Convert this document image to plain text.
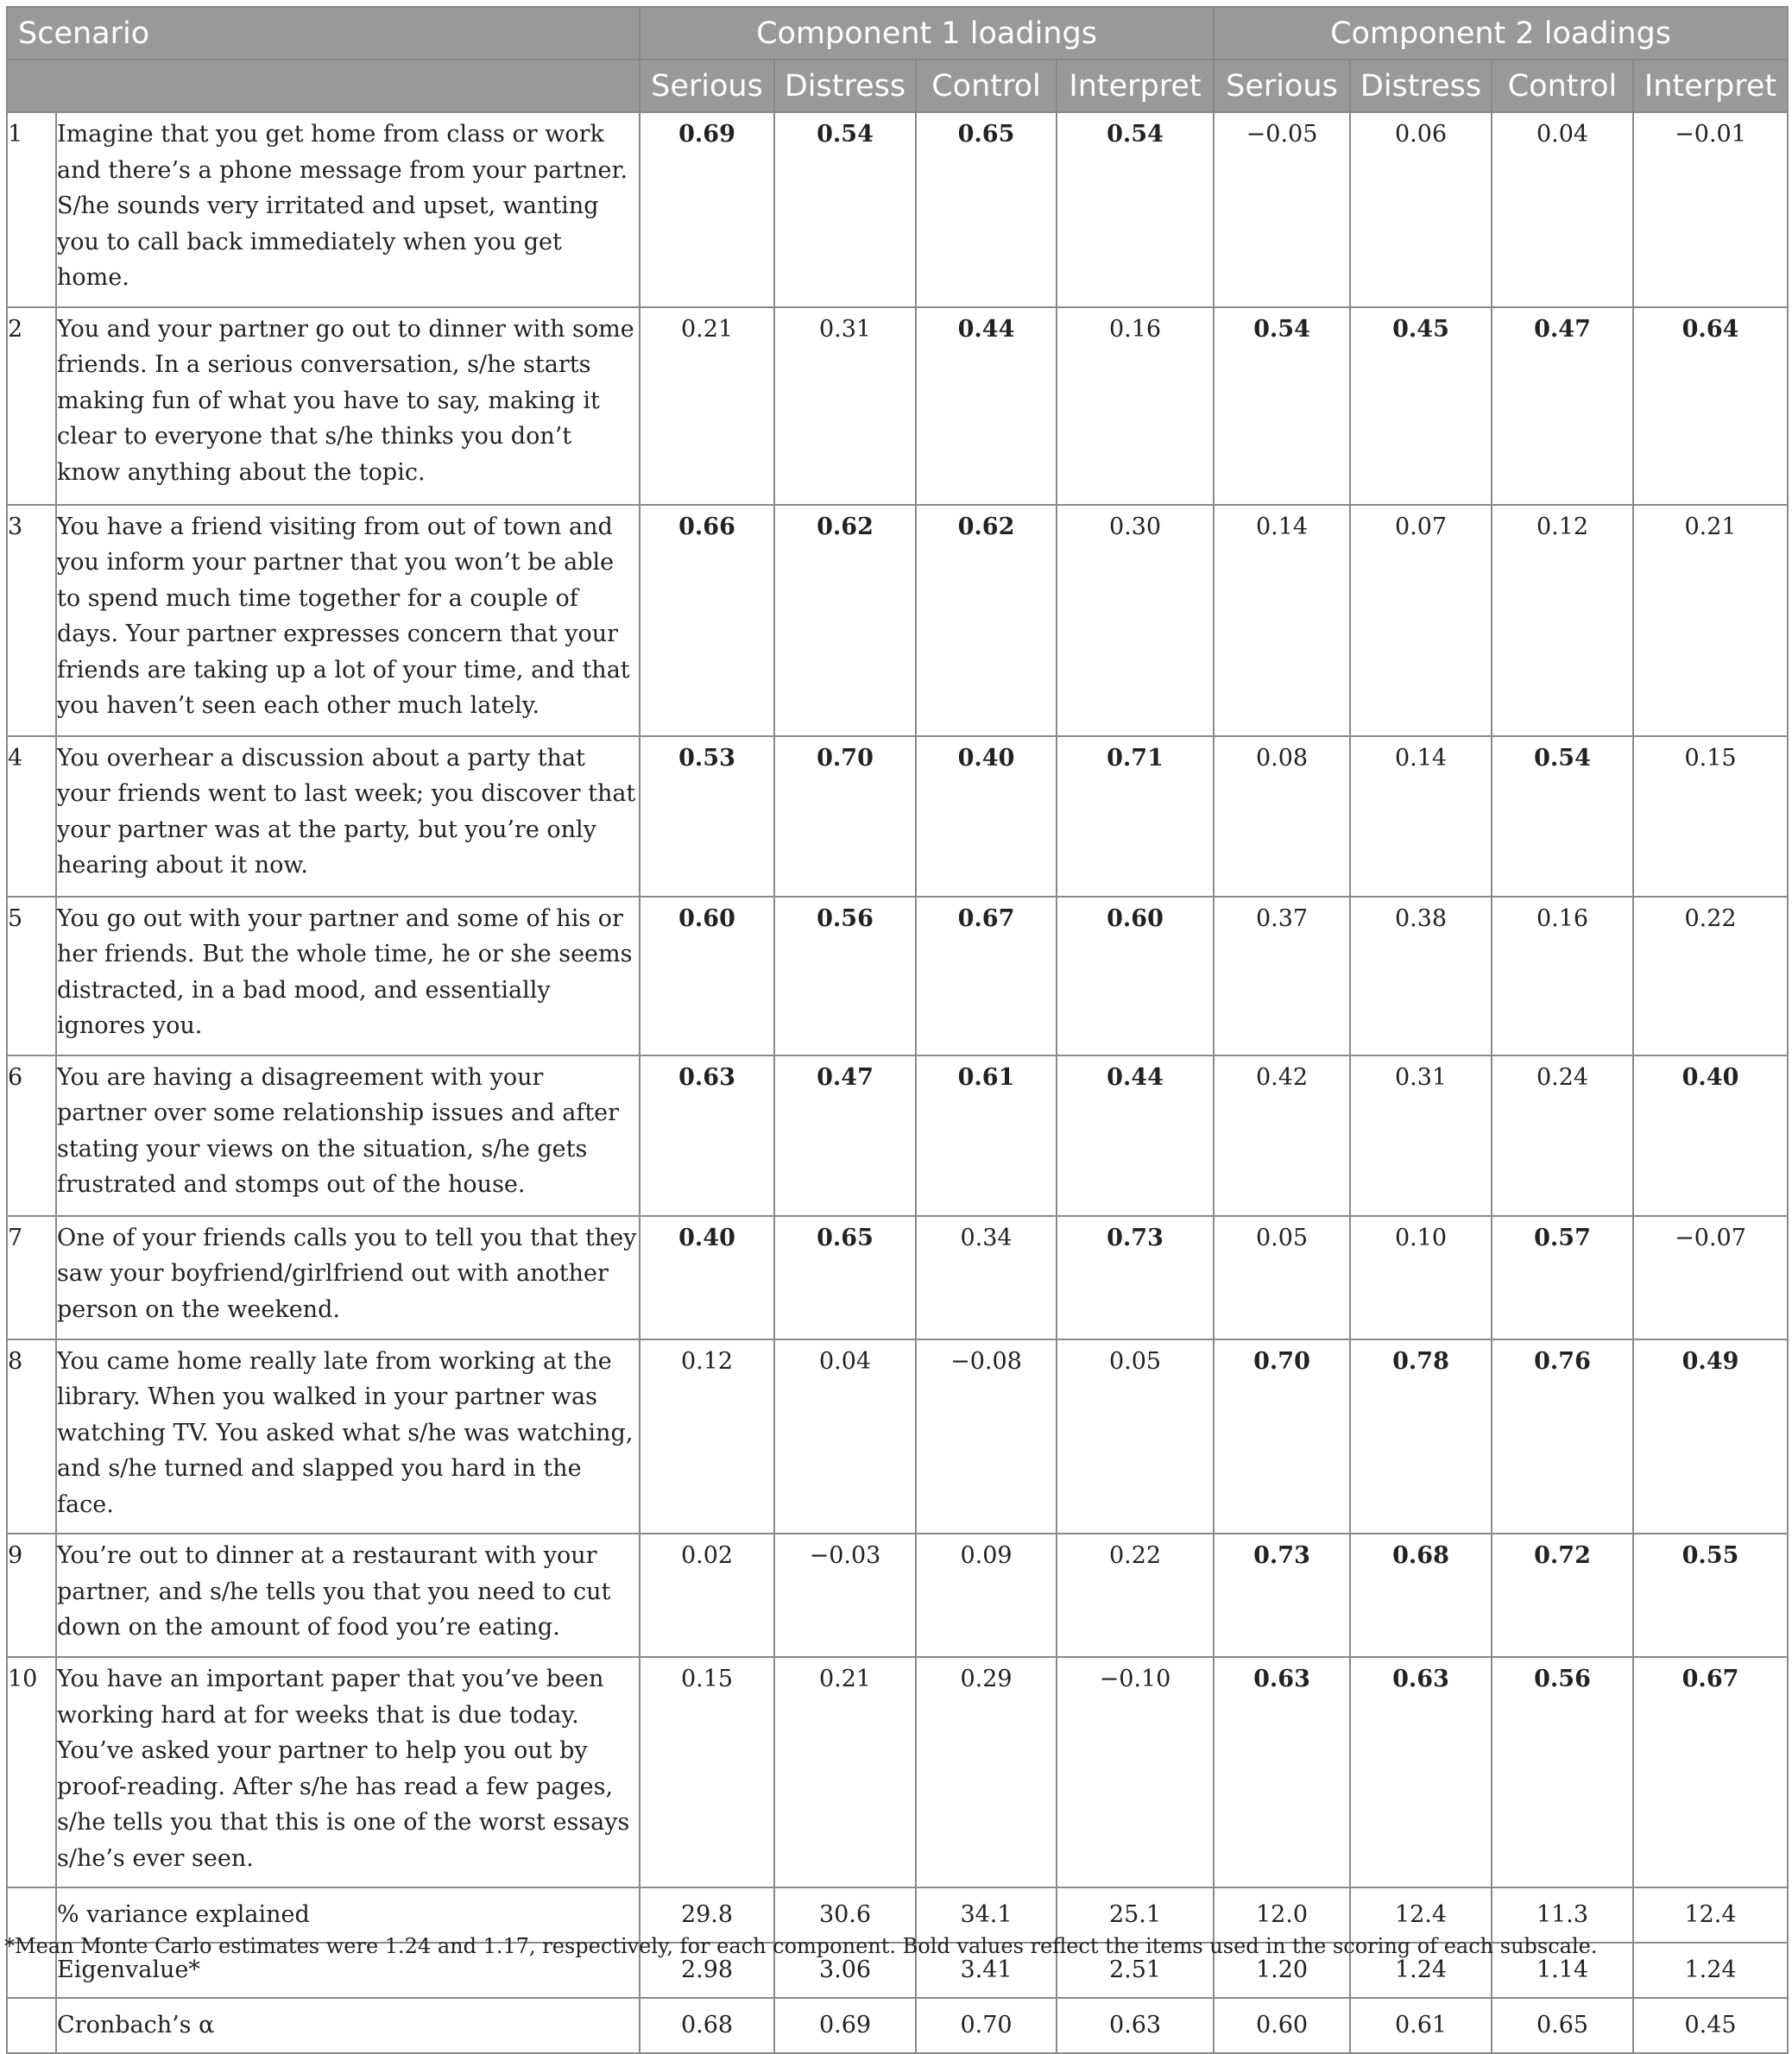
Scenario		Component 1 loadings				Component 2 loadings			
		Serious	Distress	Control	Interpret	Serious	Distress	Control	Interpret
1	Imagine that you get home from class or work and there’s a phone message from your partner. S/he sounds very irritated and upset, wanting you to call back immediately when you get home.	0.69	0.54	0.65	0.54	−0.05	0.06	0.04	−0.01
2	You and your partner go out to dinner with some friends. In a serious conversation, s/he starts making fun of what you have to say, making it clear to everyone that s/he thinks you don’t know anything about the topic.	0.21	0.31	0.44	0.16	0.54	0.45	0.47	0.64
3	You have a friend visiting from out of town and you inform your partner that you won’t be able to spend much time together for a couple of days. Your partner expresses concern that your friends are taking up a lot of your time, and that you haven’t seen each other much lately.	0.66	0.62	0.62	0.30	0.14	0.07	0.12	0.21
4	You overhear a discussion about a party that your friends went to last week; you discover that your partner was at the party, but you’re only hearing about it now.	0.53	0.70	0.40	0.71	0.08	0.14	0.54	0.15
5	You go out with your partner and some of his or her friends. But the whole time, he or she seems distracted, in a bad mood, and essentially ignores you.	0.60	0.56	0.67	0.60	0.37	0.38	0.16	0.22
6	You are having a disagreement with your partner over some relationship issues and after stating your views on the situation, s/he gets frustrated and stomps out of the house.	0.63	0.47	0.61	0.44	0.42	0.31	0.24	0.40
7	One of your friends calls you to tell you that they saw your boyfriend/girlfriend out with another person on the weekend.	0.40	0.65	0.34	0.73	0.05	0.10	0.57	−0.07
8	You came home really late from working at the library. When you walked in your partner was watching TV. You asked what s/he was watching, and s/he turned and slapped you hard in the face.	0.12	0.04	−0.08	0.05	0.70	0.78	0.76	0.49
9	You’re out to dinner at a restaurant with your partner, and s/he tells you that you need to cut down on the amount of food you’re eating.	0.02	−0.03	0.09	0.22	0.73	0.68	0.72	0.55
10	You have an important paper that you’ve been working hard at for weeks that is due today. You’ve asked your partner to help you out by proof-reading. After s/he has read a few pages, s/he tells you that this is one of the worst essays s/he’s ever seen.	0.15	0.21	0.29	−0.10	0.63	0.63	0.56	0.67
	% variance explained	29.8	30.6	34.1	25.1	12.0	12.4	11.3	12.4
	Eigenvalue*	2.98	3.06	3.41	2.51	1.20	1.24	1.14	1.24
	Cronbach’s α	0.68	0.69	0.70	0.63	0.60	0.61	0.65	0.45
*Mean Monte Carlo estimates were 1.24 and 1.17, respectively, for each component. Bold values reflect the items used in the scoring of each subscale.
